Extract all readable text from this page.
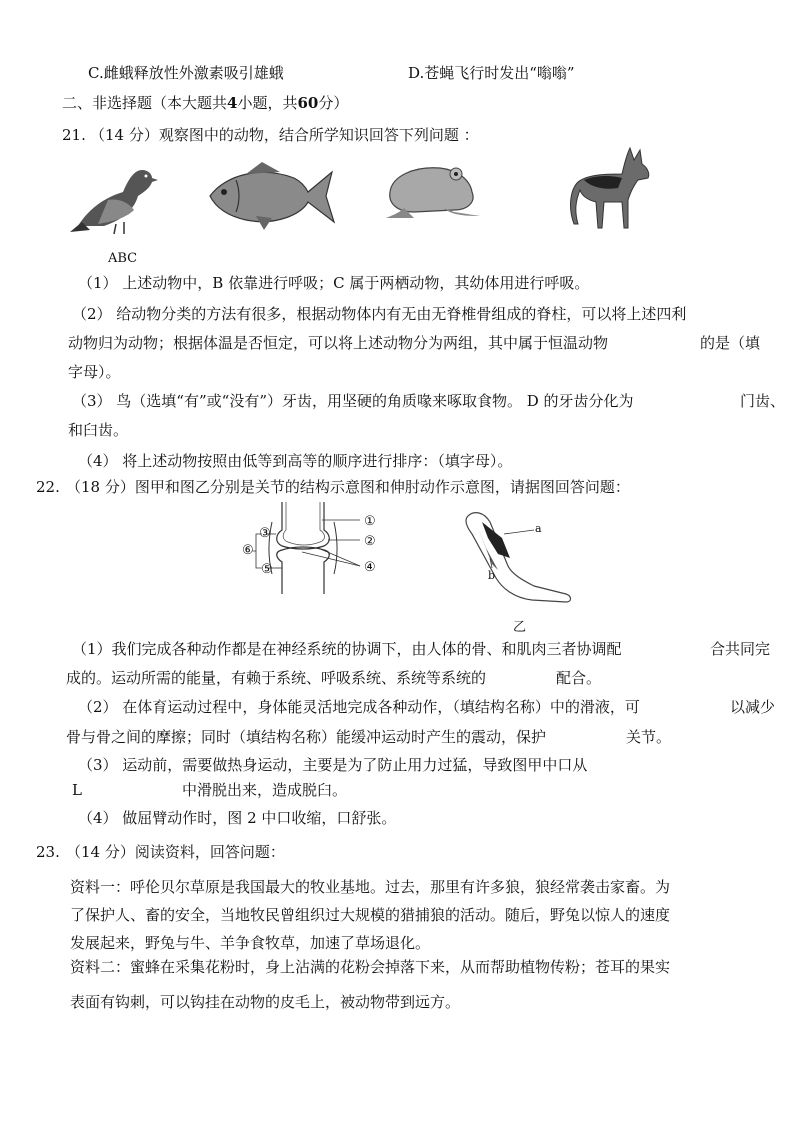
C.雌蛾释放性外激素吸引雄蛾	D.苍蝇飞行时发出“嗡嗡”
二、非选择题（本大题共4小题，共60分）
21. （14 分）观察图中的动物，结合所学知识回答下列问题 ：
ABC
（1） 上述动物中，B 依靠进行呼吸；C 属于两栖动物，其幼体用进行呼吸。
（2） 给动物分类的方法有很多，根据动物体内有无由无脊椎骨组成的脊柱，可以将上述四利
动物归为动物；根据体温是否恒定，可以将上述动物分为两组，其中属于恒温动物	的是（填
字母）。
（3） 鸟（选填“有”或“没有”）牙齿，用坚硬的角质喙来啄取食物。 D 的牙齿分化为	门齿、
和臼齿。
（4） 将上述动物按照由低等到高等的顺序进行排序：（填字母）。
22. （18 分）图甲和图乙分别是关节的结构示意图和伸肘动作示意图，请据图回答问题：
①
②
③
④
⑤
⑥
a
b
乙
（1）我们完成各种动作都是在神经系统的协调下，由人体的骨、和肌肉三者协调配	合共同完
成的。运动所需的能量，有赖于系统、呼吸系统、系统等系统的	配合。
（2） 在体育运动过程中，身体能灵活地完成各种动作，（填结构名称）中的滑液，可	以减少
骨与骨之间的摩擦；同时（填结构名称）能缓冲运动时产生的震动，保护	关节。
（3） 运动前，需要做热身运动，主要是为了防止用力过猛，导致图甲中口从
L	中滑脱出来，造成脱臼。
（4） 做屈臂动作时，图 2 中口收缩，口舒张。
23. （14 分）阅读资料，回答问题：
资料一：呼伦贝尔草原是我国最大的牧业基地。过去，那里有许多狼，狼经常袭击家畜。为
了保护人、畜的安全，当地牧民曾组织过大规模的猎捕狼的活动。随后，野兔以惊人的速度
发展起来，野兔与牛、羊争食牧草，加速了草场退化。
资料二：蜜蜂在采集花粉时，身上沾满的花粉会掉落下来，从而帮助植物传粉；苍耳的果实
表面有钩刺，可以钩挂在动物的皮毛上，被动物带到远方。
